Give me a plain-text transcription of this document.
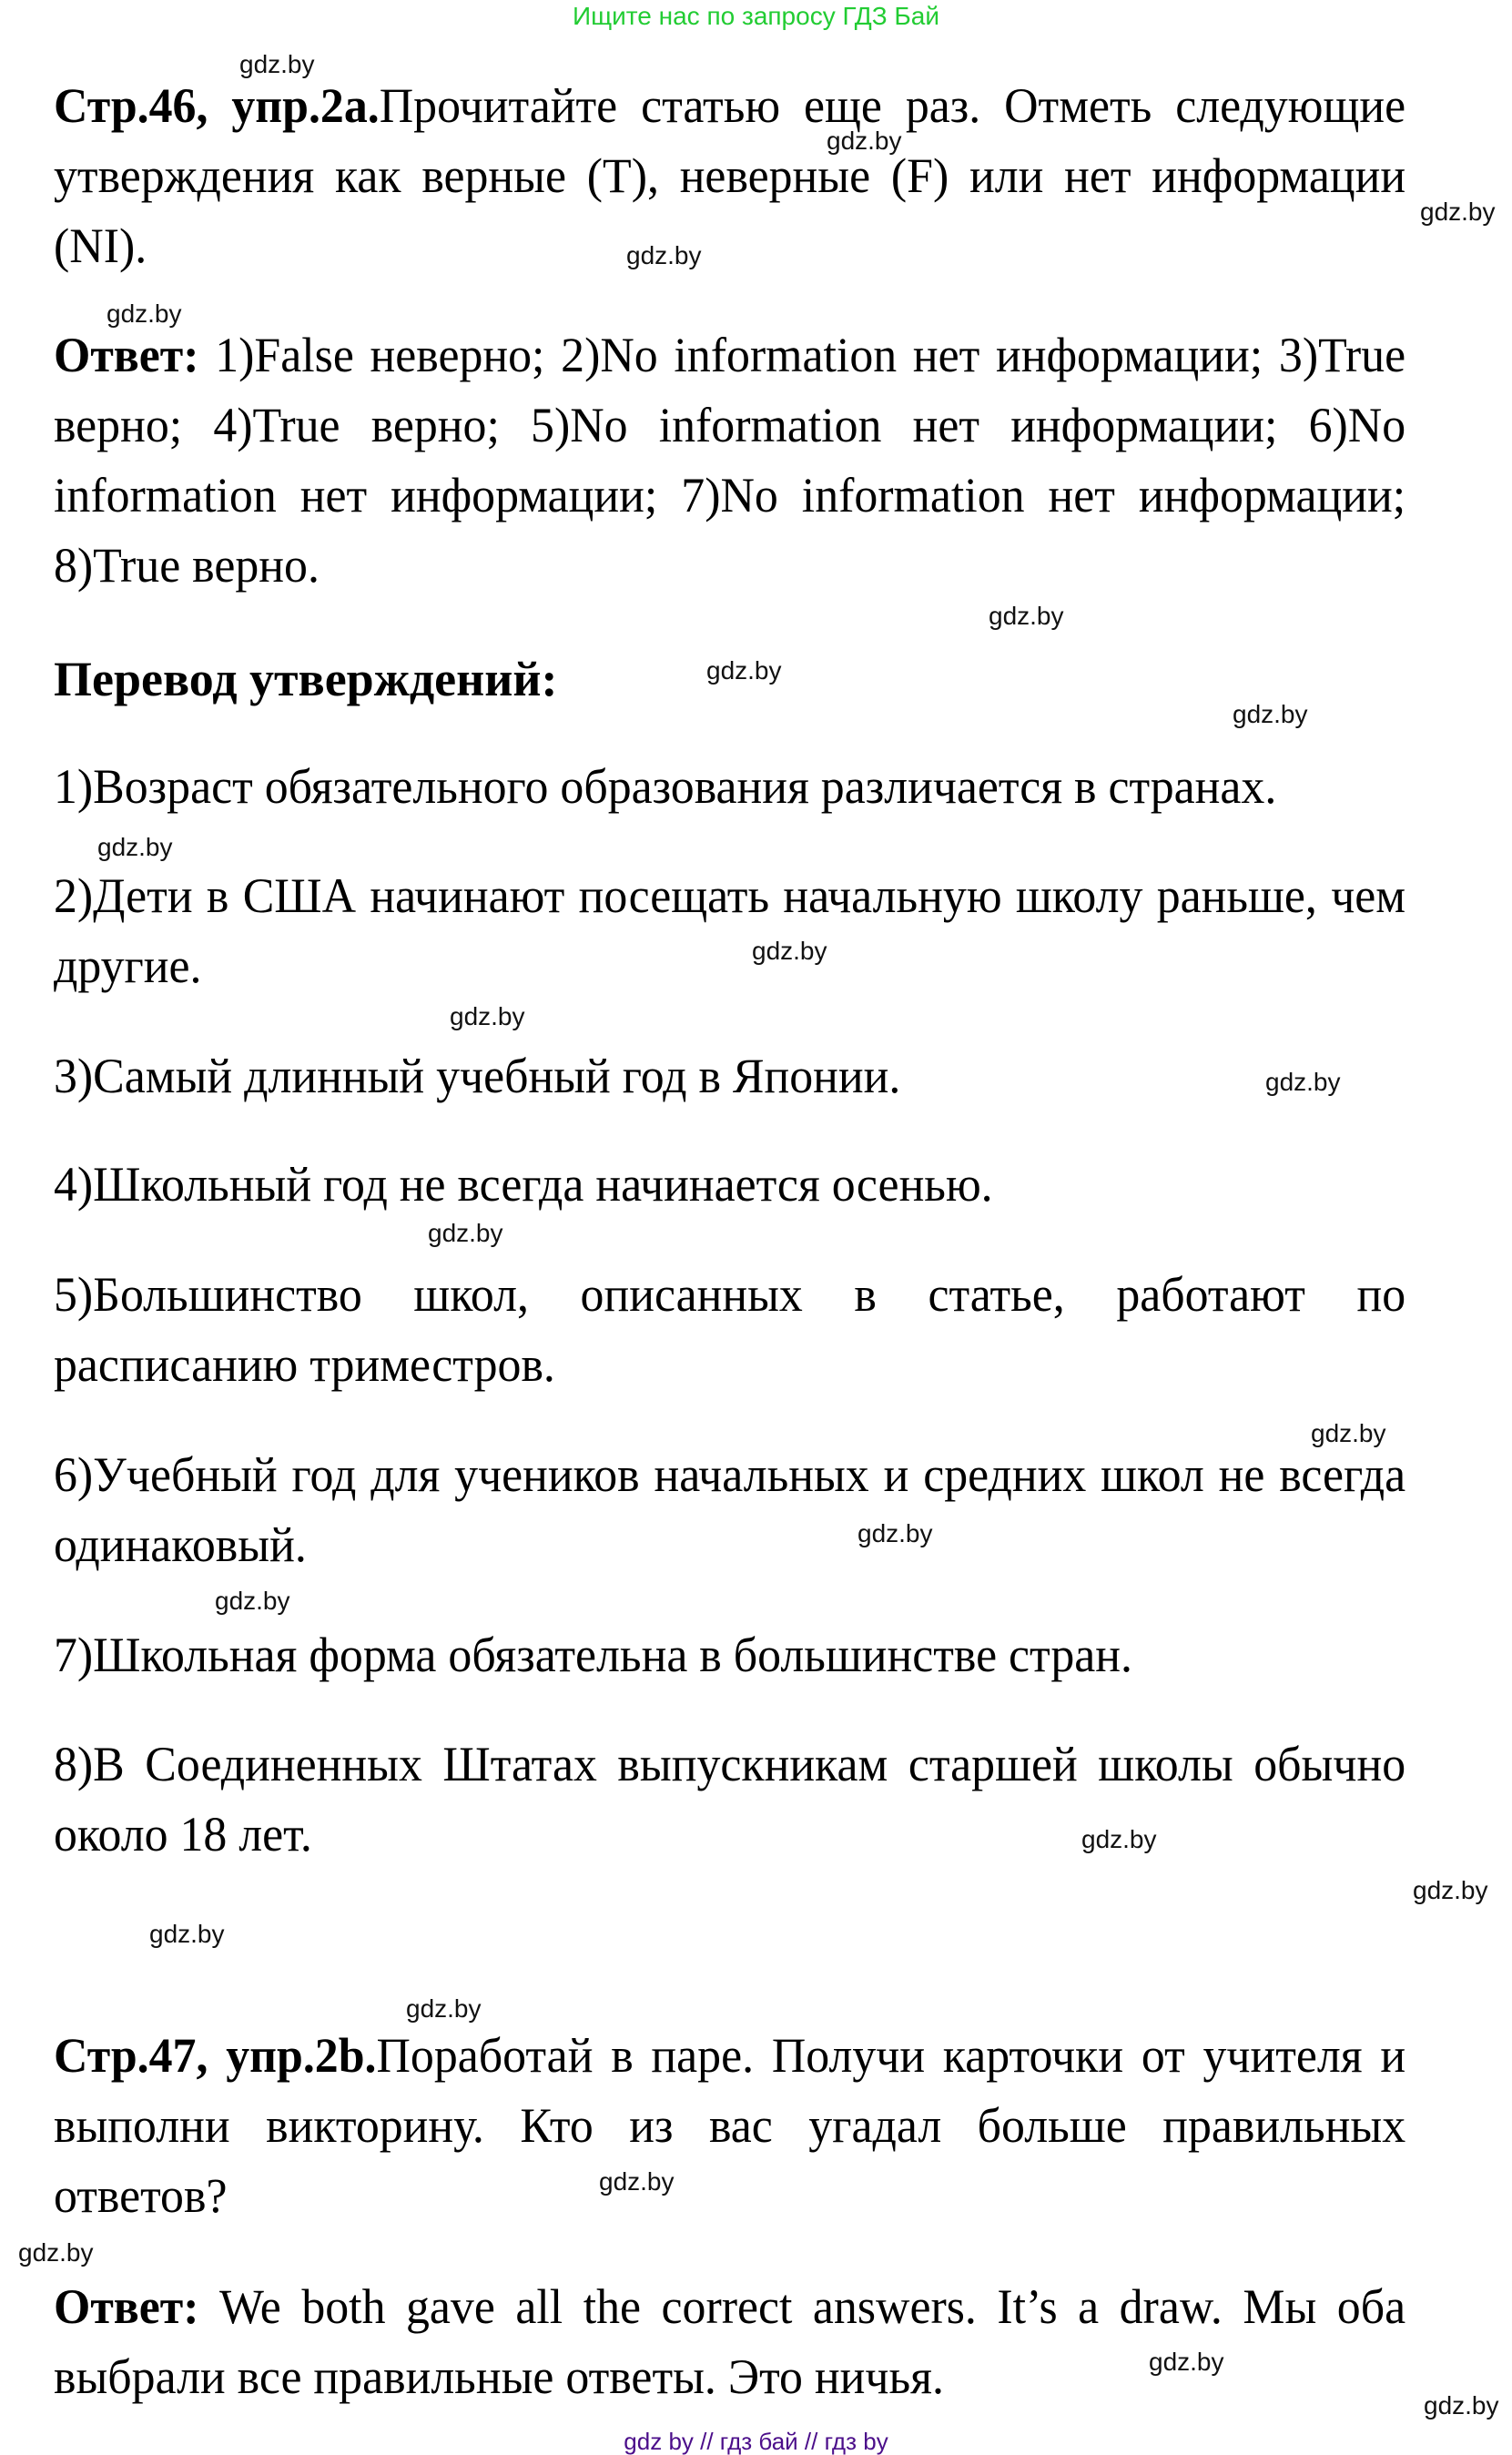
Ищите нас по запросу ГДЗ Бай
Стр.46, упр.2а.Прочитайте статью еще раз. Отметь следующие утверждения как верные (T), неверные (F) или нет информации (NI).
Ответ: 1)False неверно; 2)No information нет информации; 3)True верно; 4)True верно; 5)No information нет информации; 6)No information нет информации; 7)No information нет информации; 8)True верно.
Перевод утверждений:
1)Возраст обязательного образования различается в странах.
2)Дети в США начинают посещать начальную школу раньше, чем другие.
3)Самый длинный учебный год в Японии.
4)Школьный год не всегда начинается осенью.
5)Большинство школ, описанных в статье, работают по расписанию триместров.
6)Учебный год для учеников начальных и средних школ не всегда одинаковый.
7)Школьная форма обязательна в большинстве стран.
8)В Соединенных Штатах выпускникам старшей школы обычно около 18 лет.
Стр.47, упр.2b.Поработай в паре. Получи карточки от учителя и выполни викторину. Кто из вас угадал больше правильных ответов?
Ответ: We both gave all the correct answers. It’s a draw. Мы оба выбрали все правильные ответы. Это ничья.
gdz.by
gdz.by
gdz.by
gdz.by
gdz.by
gdz.by
gdz.by
gdz.by
gdz.by
gdz.by
gdz.by
gdz.by
gdz.by
gdz.by
gdz.by
gdz.by
gdz.by
gdz.by
gdz.by
gdz.by
gdz.by
gdz.by
gdz.by
gdz.by
gdz by // гдз бай // гдз by
